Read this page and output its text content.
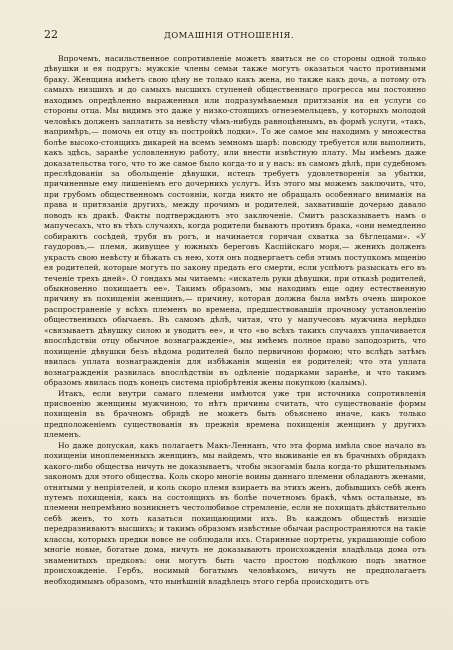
22	ДОМАШНІЯ ОТНОШЕНІЯ.

Впрочемъ, насильственное сопротивленіе можетъ явиться не со стороны одной только дѣвушки и ея подругъ: мужскіе члены семьи также могутъ оказаться часто противными браку. Женщина имѣетъ свою цѣну не только какъ жена, но также какъ дочь, а потому отъ самыхъ низшихъ и до самыхъ высшихъ ступеней общественнаго прогресса мы постоянно находимъ опредѣленно выраженныя или подразумѣваемыя притязанія на ея услуги со стороны отца. Мы видимъ это даже у низко-стоящихъ огнеземельцевъ, у которыхъ молодой человѣкъ долженъ заплатить за невѣсту чѣмъ-нибудь равноцѣннымъ, въ формѣ услуги, «такъ, напримѣръ,— помочь ея отцу въ постройкѣ лодки». То же самое мы находимъ у множества болѣе высоко-стоящихъ дикарей на всемъ земномъ шарѣ: повсюду требуется или выполнить, какъ здѣсь, заранѣе условленную работу, или внести извѣстную плату. Мы имѣемъ даже доказательства того, что то же самое было когда-то и у насъ: въ самомъ дѣлѣ, при судебномъ преслѣдованіи за обольщеніе дѣвушки, истецъ требуетъ удовлетворенія за убытки, причиненные ему лишеніемъ его дочернихъ услугъ. Изъ этого мы можемъ заключить, что, при грубомъ общественномъ состояніи, когда никто не обращалъ особеннаго вниманія на права и притязанія другихъ, между прочимъ и родителей, захватившіе дочерью давало поводъ къ дракѣ. Факты подтверждаютъ это заключеніе. Смитъ разсказываетъ намъ о мапучесахъ, что въ тѣхъ случаяхъ, когда родители бываютъ противъ брака, «они немедленно собираютъ сосѣдей, трубя въ рогъ, и начинается горячая схватка за бѣглецами». «У гаудоровъ,— племя, живущее у южныхъ береговъ Каспійскаго моря,— женихъ долженъ украсть свою невѣсту и бѣжать съ нею, хотя онъ подвергаетъ себя этимъ поступкомъ мщенію ея родителей, которые могутъ по закону предать его смерти, если успѣютъ разыскать его въ теченіе трехъ дней». О гондахъ мы читаемъ: «искатель руки дѣвушки, при отказѣ родителей, обыкновенно похищаетъ ее». Такимъ образомъ, мы находимъ еще одну естественную причину въ похищеніи женщинъ,— причину, которая должна была имѣть очень широкое распространеніе у всѣхъ племенъ во времена, предшествовавшія прочному установленію общественныхъ обычаевъ. Въ самомъ дѣлѣ, читая, что у мапучесовъ мужчина нерѣдко «связываетъ дѣвушку силою и уводитъ ее», и что «во всѣхъ такихъ случаяхъ уплачивается впослѣдствіи отцу обычное вознагражденіе», мы имѣемъ полное право заподозрить, что похищеніе дѣвушки безъ вѣдома родителей было первичною формою; что вслѣдъ затѣмъ явилась уплата вознагражденія для избѣжанія мщенія ея родителей; что эта уплата вознагражденія развилась впослѣдствіи въ одѣленіе подарками заранѣе, и что такимъ образомъ явилась подъ конецъ система пріобрѣтенія жены покупкою (калымъ).

Итакъ, если внутри самаго племени имѣются уже три источника сопротивленія присвоенію женщины мужчиною, то нѣтъ причины считать, что существованіе формы похищенія въ брачномъ обрядѣ не можетъ быть объяснено иначе, какъ только предположеніемъ существованія въ прежнія времена похищенія женщинъ у другихъ племенъ.

Но даже допуская, какъ полагаетъ Макъ-Леннанъ, что эта форма имѣла свое начало въ похищеніи иноплеменныхъ женщинъ, мы найдемъ, что выживаніе ея въ брачныхъ обрядахъ какого-либо общества ничуть не доказываетъ, чтобы экзогамія была когда-то рѣшительнымъ закономъ для этого общества. Коль скоро многіе воины даннаго племени обладаютъ женами, отнятыми у непріятелей, и коль скоро племя взираетъ на этихъ женъ, добывшихъ себѣ женъ путемъ похищенія, какъ на состоящихъ въ болѣе почетномъ бракѣ, чѣмъ остальные, въ племени непремѣнно возникнетъ честолюбивое стремленіе, если не похищать дѣйствительно себѣ женъ, то хоть казаться похищающими ихъ. Въ каждомъ обществѣ низшіе передразниваютъ высшихъ; и такимъ образомъ извѣстные обычаи распространяются на такіе классы, которыхъ предки вовсе не соблюдали ихъ. Старинные портреты, украшающіе собою многіе новые, богатые дома, ничуть не доказываютъ происхожденія владѣльца дома отъ знаменитыхъ предковъ: они могутъ быть часто простою подѣлкою подъ знатное происхожденіе. Гербъ, носимый богатымъ человѣкомъ, ничуть не предполагаетъ необходимымъ образомъ, что нынѣшній владѣлецъ этого герба происходитъ отъ
